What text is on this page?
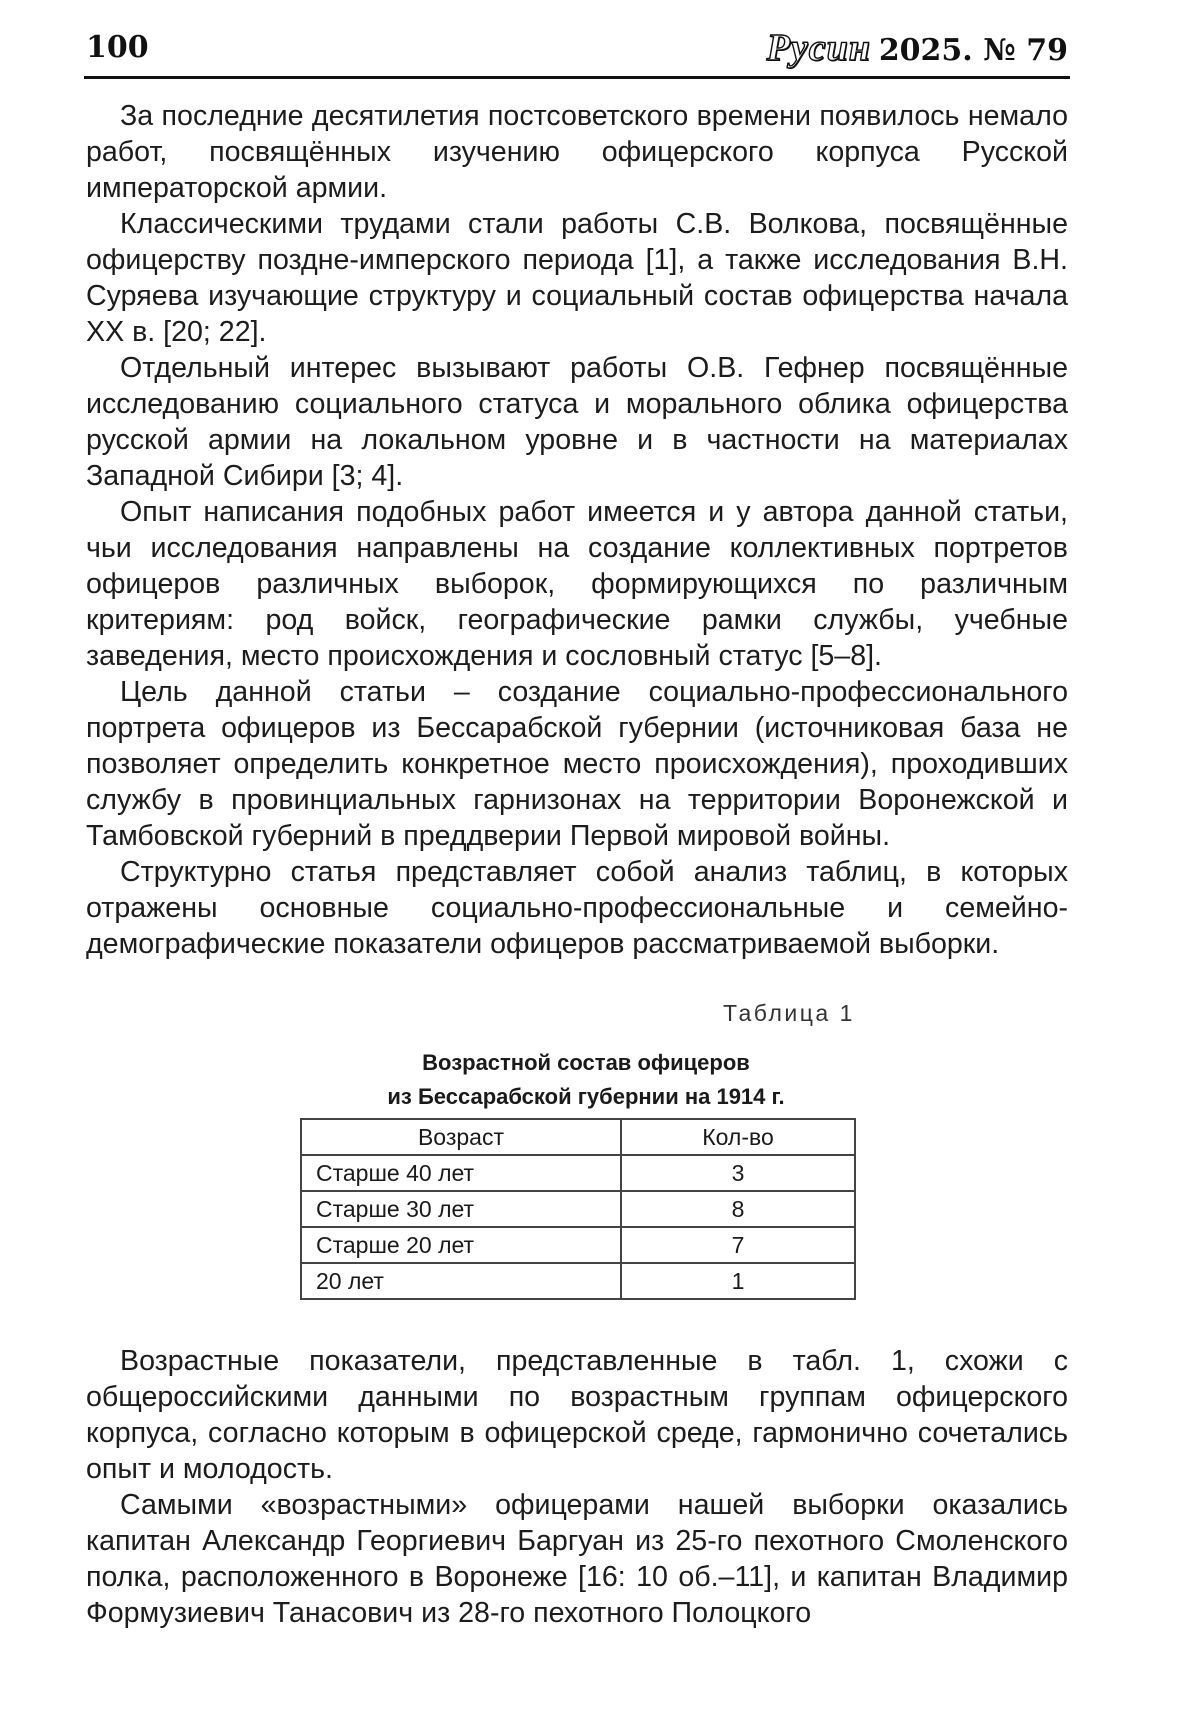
100	Русин 2025. № 79

За последние десятилетия постсоветского времени появилось немало работ, посвящённых изучению офицерского корпуса Русской императорской армии.

Классическими трудами стали работы С.В. Волкова, посвящённые офицерству поздне-имперского периода [1], а также исследования В.Н. Суряева изучающие структуру и социальный состав офицерства начала XX в. [20; 22].

Отдельный интерес вызывают работы О.В. Гефнер посвящённые исследованию социального статуса и морального облика офицерства русской армии на локальном уровне и в частности на материалах Западной Сибири [3; 4].

Опыт написания подобных работ имеется и у автора данной статьи, чьи исследования направлены на создание коллективных портретов офицеров различных выборок, формирующихся по различным критериям: род войск, географические рамки службы, учебные заведения, место происхождения и сословный статус [5–8].

Цель данной статьи – создание социально-профессионального портрета офицеров из Бессарабской губернии (источниковая база не позволяет определить конкретное место происхождения), проходивших службу в провинциальных гарнизонах на территории Воронежской и Тамбовской губерний в преддверии Первой мировой войны.

Структурно статья представляет собой анализ таблиц, в которых отражены основные социально-профессиональные и семейно-демографические показатели офицеров рассматриваемой выборки.

Таблица 1
Возрастной состав офицеров
из Бессарабской губернии на 1914 г.
Возраст	Кол-во
Старше 40 лет	3
Старше 30 лет	8
Старше 20 лет	7
20 лет	1

Возрастные показатели, представленные в табл. 1, схожи с общероссийскими данными по возрастным группам офицерского корпуса, согласно которым в офицерской среде, гармонично сочетались опыт и молодость.

Самыми «возрастными» офицерами нашей выборки оказались капитан Александр Георгиевич Баргуан из 25-го пехотного Смоленского полка, расположенного в Воронеже [16: 10 об.–11], и капитан Владимир Формузиевич Танасович из 28-го пехотного Полоцкого
